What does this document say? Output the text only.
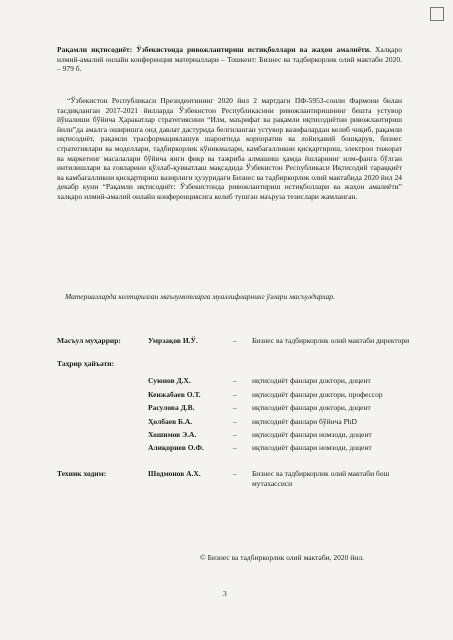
Рақамли иқтисодиёт: Ўзбекистонда ривожлантириш истиқболлари ва жаҳон амалиёти. Халқаро илмий-амалий онлайн конференция материаллари – Тошкент: Бизнес ва тадбиркорлик олий мактаби 2020. – 979 б.
“Ўзбекистон Республикаси Президентининг 2020 йил 2 мартдаги ПФ-5953-сонли Фармони билан тасдиқланган 2017-2021 йилларда Ўзбекистон Республикасини ривожлантиришнинг бешта устувор йўналиши бўйича Ҳаракатлар стратегиясини “Илм, маърифат ва рақамли иқтисодиётни ривожлантириш йили”да амалга оширишга оид давлат дастурида белгиланган устувор вазифалардан келиб чиқиб, рақамли иқтисодиёт, рақамли трасформациялашув шароитида корпоратив ва лойиҳавий бошқарув, бизнес стратегиялари ва моделлари, тадбиркорлик кўникмалари, камбағалликни қисқартириш, электрон тижорат ва маркетинг масалалари бўйича янги фикр ва тажриба алмашиш ҳамда ёшларнинг илм-фанга бўлган интилишлари ва ғояларини қўллаб-қувватлаш мақсадида Ўзбекистон Республикаси Иқтисодий тараққиёт ва камбағалликни қисқартириш вазирлиги ҳузуридаги Бизнес ва тадбиркорлик олий мактабида 2020 йил 24 декабр куни “Рақамли иқтисодиёт: Ўзбекистонда ривожлантириш истиқболлари ва жаҳон амалиёти” халқаро илмий-амалий онлайн конференциясига келиб тушган маъруза тезислари жамланган.
Материалларда келтирилган маълумотларга муаллифларнинг ўзлари масъулдирлар.
Масъул муҳаррир:	Умрзақов И.Ў.	– Бизнес ва тадбиркорлик олий мактаби директори
Таҳрир ҳайъати:
Суюнов Д.Х.	– иқтисодиёт фанлари доктори, доцент
Кенжабаев О.Т.	– иқтисодиёт фанлари доктори, профессор
Расулова Д.В.	– иқтисодиёт фанлари доктори, доцент
Ҳолбаев Б.А.	– иқтисодиёт фанлари бўйича PhD
Хошимов Э.А.	– иқтисодиёт фанлари номзоди, доцент
Алиқориев О.Ф.	– иқтисодиёт фанлари номзоди, доцент
Техник ходим:	Шодмонов А.Х.	– Бизнес ва тадбиркорлик олий мактаби бош мутахассиси
© Бизнес ва тадбиркорлик олий мактаби, 2020 йил.
3
